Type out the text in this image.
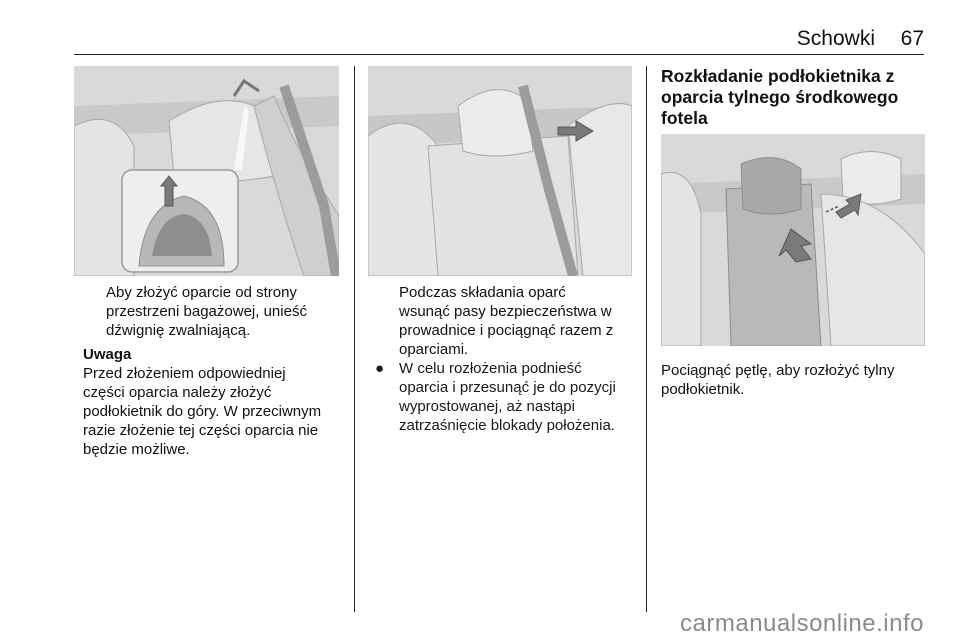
Schowki 67

Aby złożyć oparcie od strony przestrzeni bagażowej, unieść dźwignię zwalniającą.

Uwaga

Przed złożeniem odpowiedniej

części oparcia należy złożyć

podłokietnik do góry. W przeciwnym

razie złożenie tej części oparcia nie

będzie możliwe.

Podczas składania oparć

wsunąć pasy bezpieczeństwa w

prowadnice i pociągnąć razem z

oparciami.

● W celu rozłożenia podnieść

oparcia i przesunąć je do pozycji

wyprostowanej, aż nastąpi

zatrzaśnięcie blokady położenia.

Rozkładanie podłokietnika z
oparcia tylnego środkowego
fotela

Pociągnąć pętlę, aby rozłożyć tylny

podłokietnik.

carmanualsonline.info
